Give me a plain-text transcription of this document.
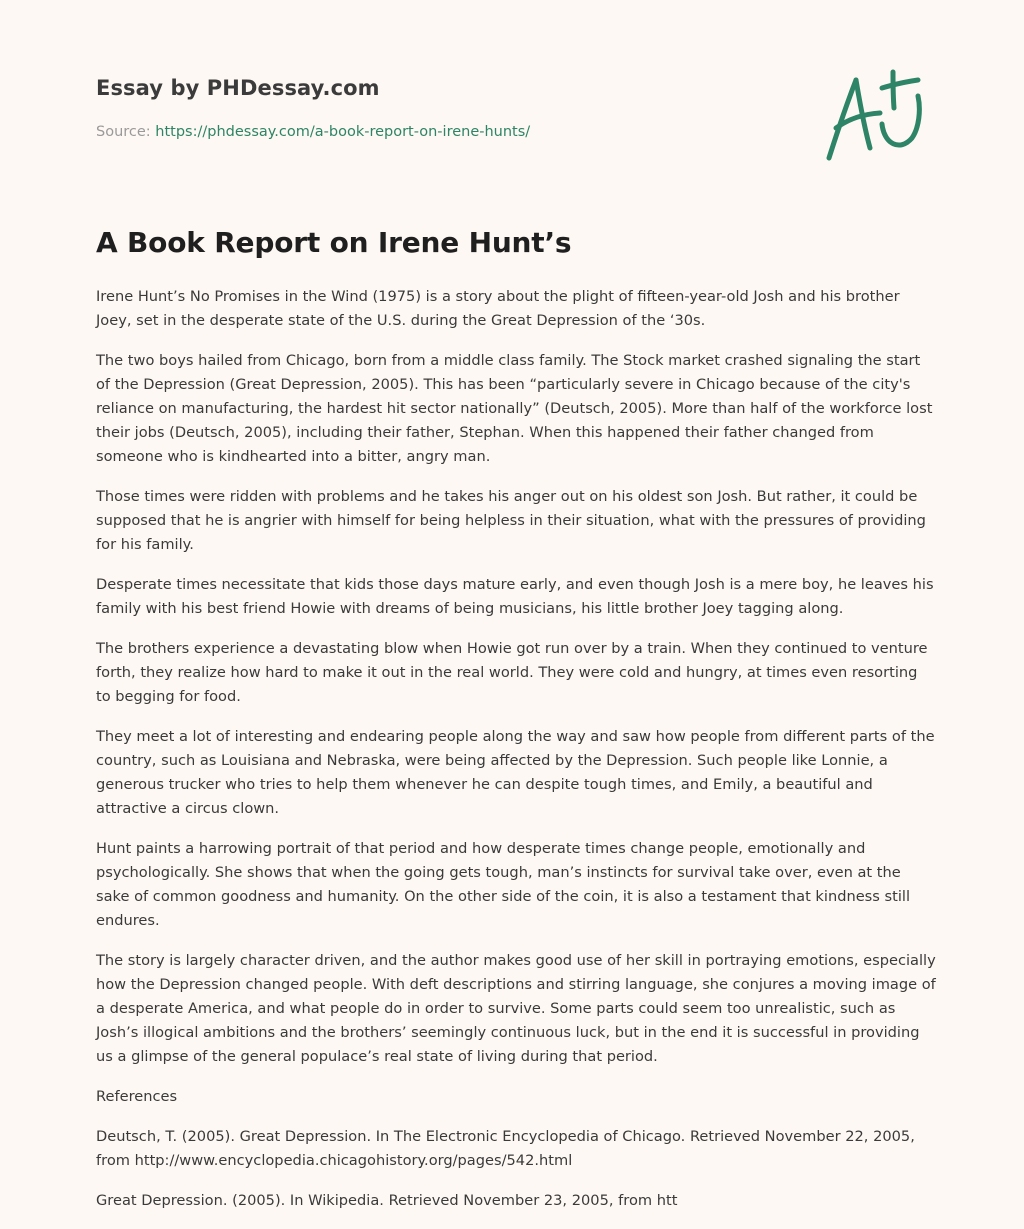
Essay by PHDessay.com
Source: https://phdessay.com/a-book-report-on-irene-hunts/
A Book Report on Irene Hunt’s

Irene Hunt’s No Promises in the Wind (1975) is a story about the plight of fifteen-year-old Josh and his brother Joey, set in the desperate state of the U.S. during the Great Depression of the ‘30s.

The two boys hailed from Chicago, born from a middle class family. The Stock market crashed signaling the start of the Depression (Great Depression, 2005). This has been “particularly severe in Chicago because of the city's reliance on manufacturing, the hardest hit sector nationally” (Deutsch, 2005). More than half of the workforce lost their jobs (Deutsch, 2005), including their father, Stephan. When this happened their father changed from someone who is kindhearted into a bitter, angry man.

Those times were ridden with problems and he takes his anger out on his oldest son Josh. But rather, it could be supposed that he is angrier with himself for being helpless in their situation, what with the pressures of providing for his family.

Desperate times necessitate that kids those days mature early, and even though Josh is a mere boy, he leaves his family with his best friend Howie with dreams of being musicians, his little brother Joey tagging along.

The brothers experience a devastating blow when Howie got run over by a train. When they continued to venture forth, they realize how hard to make it out in the real world. They were cold and hungry, at times even resorting to begging for food.

They meet a lot of interesting and endearing people along the way and saw how people from different parts of the country, such as Louisiana and Nebraska, were being affected by the Depression. Such people like Lonnie, a generous trucker who tries to help them whenever he can despite tough times, and Emily, a beautiful and attractive a circus clown.

Hunt paints a harrowing portrait of that period and how desperate times change people, emotionally and psychologically. She shows that when the going gets tough, man’s instincts for survival take over, even at the sake of common goodness and humanity. On the other side of the coin, it is also a testament that kindness still endures.

The story is largely character driven, and the author makes good use of her skill in portraying emotions, especially how the Depression changed people. With deft descriptions and stirring language, she conjures a moving image of a desperate America, and what people do in order to survive. Some parts could seem too unrealistic, such as Josh’s illogical ambitions and the brothers’ seemingly continuous luck, but in the end it is successful in providing us a glimpse of the general populace’s real state of living during that period.

References

Deutsch, T. (2005). Great Depression. In The Electronic Encyclopedia of Chicago. Retrieved November 22, 2005, from http://www.encyclopedia.chicagohistory.org/pages/542.html

Great Depression. (2005). In Wikipedia. Retrieved November 23, 2005, from htt
